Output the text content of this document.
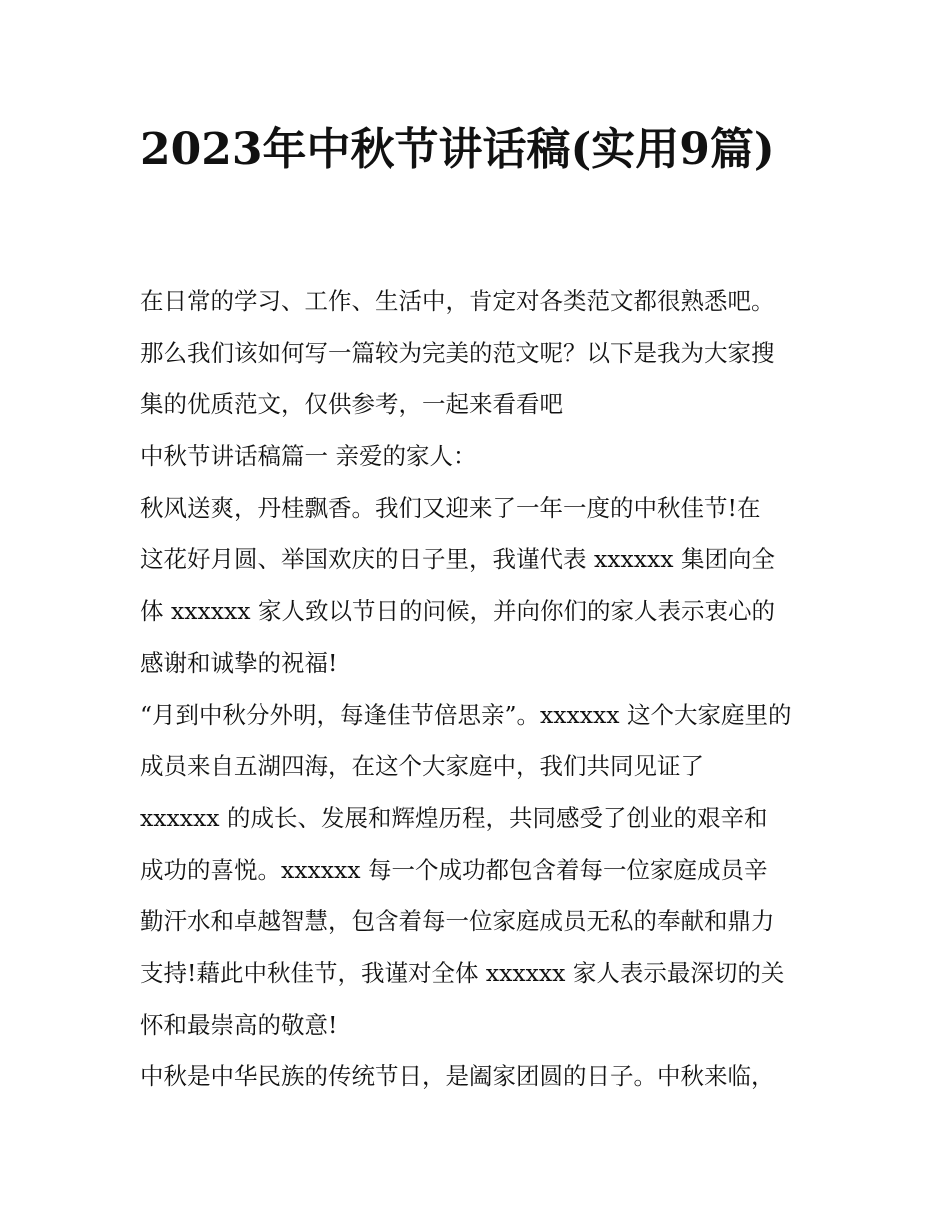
2023年中秋节讲话稿(实用9篇)
在日常的学习、工作、生活中，肯定对各类范文都很熟悉吧。
那么我们该如何写一篇较为完美的范文呢？以下是我为大家搜
集的优质范文，仅供参考，一起来看看吧
中秋节讲话稿篇一 亲爱的家人：
秋风送爽，丹桂飘香。我们又迎来了一年一度的中秋佳节!在
这花好月圆、举国欢庆的日子里，我谨代表 xxxxxx 集团向全
体 xxxxxx 家人致以节日的问候，并向你们的家人表示衷心的
感谢和诚挚的祝福!
“月到中秋分外明，每逢佳节倍思亲”。xxxxxx 这个大家庭里的
成员来自五湖四海，在这个大家庭中，我们共同见证了
xxxxxx 的成长、发展和辉煌历程，共同感受了创业的艰辛和
成功的喜悦。xxxxxx 每一个成功都包含着每一位家庭成员辛
勤汗水和卓越智慧，包含着每一位家庭成员无私的奉献和鼎力
支持!藉此中秋佳节，我谨对全体 xxxxxx 家人表示最深切的关
怀和最崇高的敬意!
中秋是中华民族的传统节日，是阖家团圆的日子。中秋来临，
